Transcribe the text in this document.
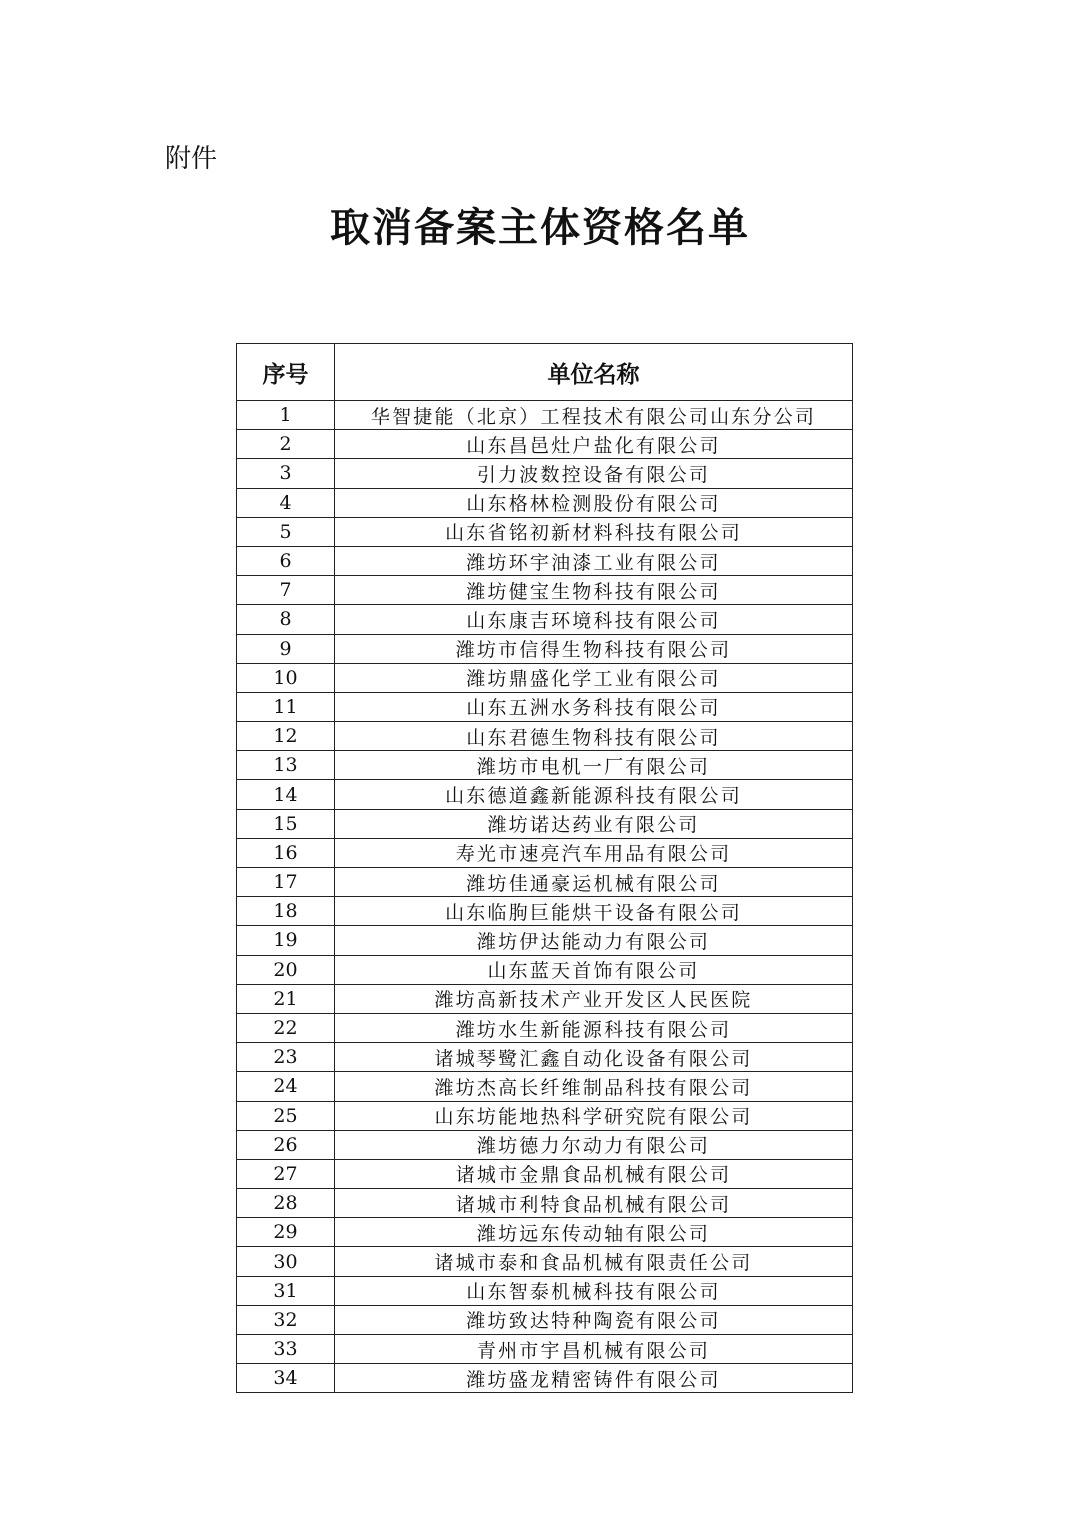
附件
取消备案主体资格名单
序号	单位名称
1	华智捷能（北京）工程技术有限公司山东分公司
2	山东昌邑灶户盐化有限公司
3	引力波数控设备有限公司
4	山东格林检测股份有限公司
5	山东省铭初新材料科技有限公司
6	潍坊环宇油漆工业有限公司
7	潍坊健宝生物科技有限公司
8	山东康吉环境科技有限公司
9	潍坊市信得生物科技有限公司
10	潍坊鼎盛化学工业有限公司
11	山东五洲水务科技有限公司
12	山东君德生物科技有限公司
13	潍坊市电机一厂有限公司
14	山东德道鑫新能源科技有限公司
15	潍坊诺达药业有限公司
16	寿光市速亮汽车用品有限公司
17	潍坊佳通豪运机械有限公司
18	山东临朐巨能烘干设备有限公司
19	潍坊伊达能动力有限公司
20	山东蓝天首饰有限公司
21	潍坊高新技术产业开发区人民医院
22	潍坊水生新能源科技有限公司
23	诸城琴鹭汇鑫自动化设备有限公司
24	潍坊杰高长纤维制品科技有限公司
25	山东坊能地热科学研究院有限公司
26	潍坊德力尔动力有限公司
27	诸城市金鼎食品机械有限公司
28	诸城市利特食品机械有限公司
29	潍坊远东传动轴有限公司
30	诸城市泰和食品机械有限责任公司
31	山东智泰机械科技有限公司
32	潍坊致达特种陶瓷有限公司
33	青州市宇昌机械有限公司
34	潍坊盛龙精密铸件有限公司
